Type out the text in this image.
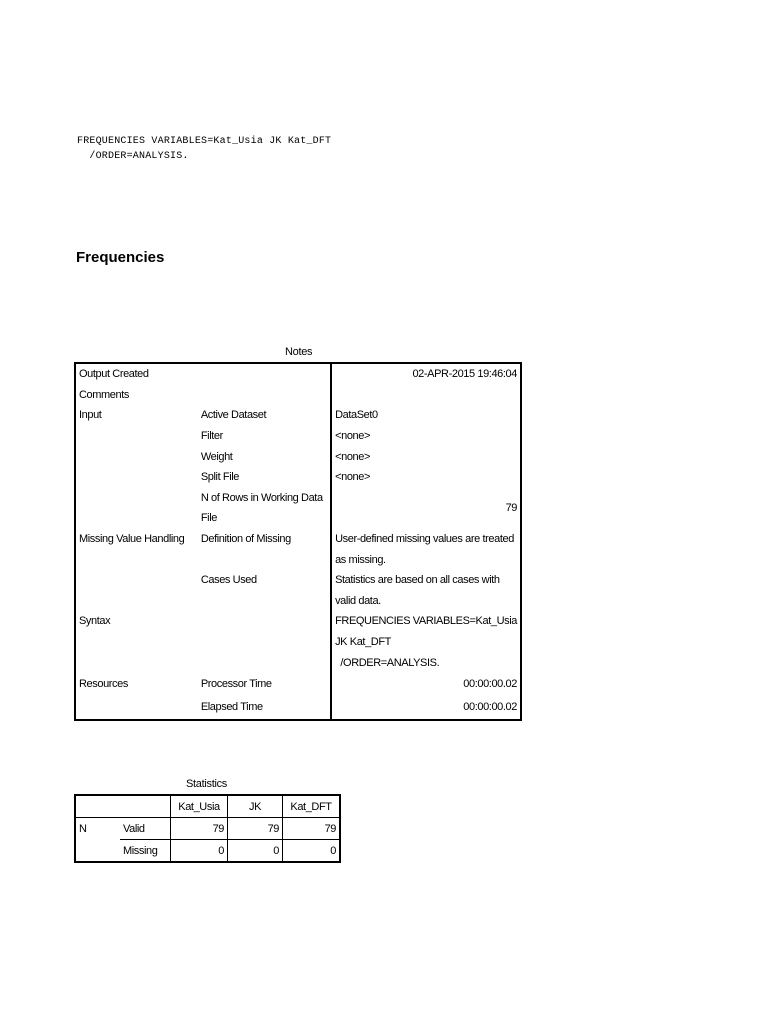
FREQUENCIES VARIABLES=Kat_Usia JK Kat_DFT
/ORDER=ANALYSIS.
Frequencies
Notes
Output Created		02-APR-2015 19:46:04
Comments		
Input	Active Dataset	DataSet0
	Filter	<none>
	Weight	<none>
	Split File	<none>
	N of Rows in Working Data	79
	File	
Missing Value Handling	Definition of Missing	User-defined missing values are treated
		as missing.
	Cases Used	Statistics are based on all cases with
		valid data.
Syntax		FREQUENCIES VARIABLES=Kat_Usia
		JK Kat_DFT
		/ORDER=ANALYSIS.
Resources	Processor Time	00:00:00.02
	Elapsed Time	00:00:00.02
Statistics
		Kat_Usia	JK	Kat_DFT
N	Valid	79	79	79
	Missing	0	0	0
